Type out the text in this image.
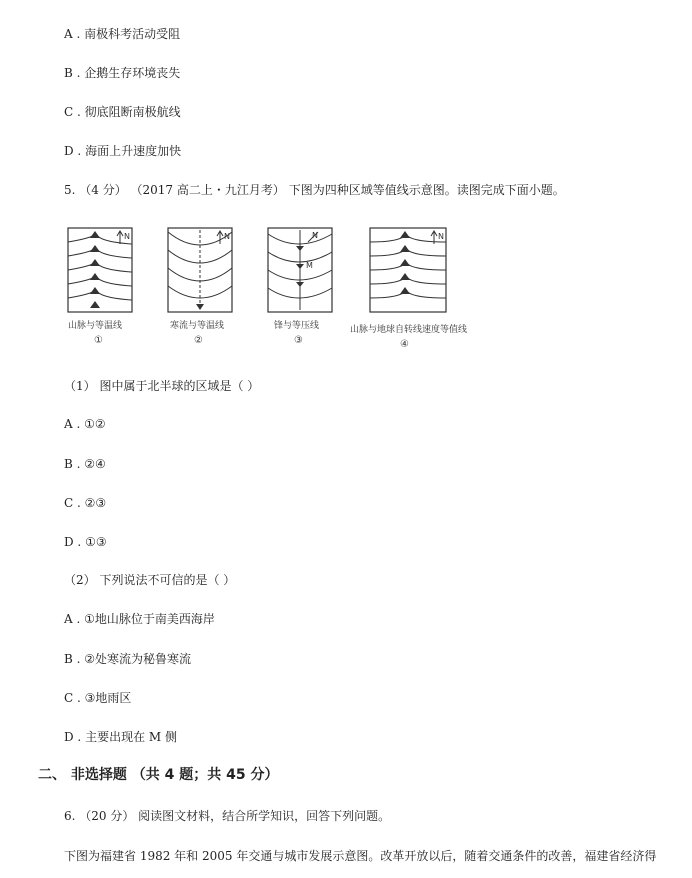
A . 南极科考活动受阻
B . 企鹅生存环境丧失
C . 彻底阻断南极航线
D . 海面上升速度加快
5. （4 分） （2017 高二上・九江月考） 下图为四种区域等值线示意图。读图完成下面小题。
N
山脉与等温线
①
N
寒流与等温线
②
N
M
锋与等压线
③
N
山脉与地球自转线速度等值线
④
（1） 图中属于北半球的区域是（ ）
A . ①②
B . ②④
C . ②③
D . ①③
（2） 下列说法不可信的是（ ）
A . ①地山脉位于南美西海岸
B . ②处寒流为秘鲁寒流
C . ③地雨区
D . 主要出现在 M 侧
二、 非选择题 （共 4 题；共 45 分）
6. （20 分） 阅读图文材料，结合所学知识，回答下列问题。
下图为福建省 1982 年和 2005 年交通与城市发展示意图。改革开放以后，随着交通条件的改善，福建省经济得
